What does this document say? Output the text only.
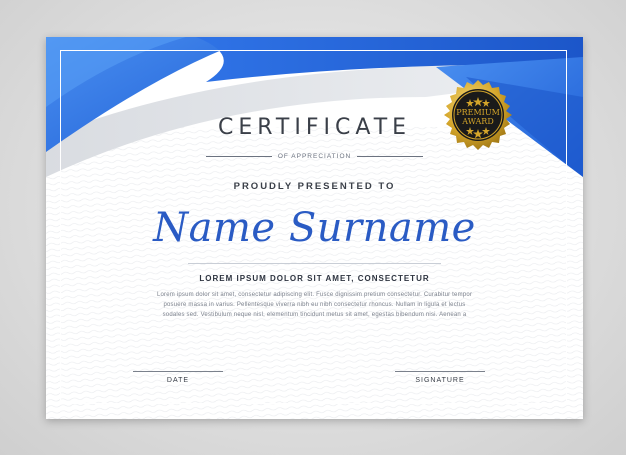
CERTIFICATE
OF APPRECIATION
PROUDLY PRESENTED TO
Name Surname
LOREM IPSUM DOLOR SIT AMET, CONSECTETUR
Lorem ipsum dolor sit amet, consectetur adipiscing elit. Fusce dignissim pretium consectetur. Curabitur tempor
posuere massa in varius. Pellentesque viverra nibh eu nibh consectetur rhoncus. Nullam in ligula et lectus
sodales sed. Vestibulum neque nisl, elementum tincidunt metus sit amet, egestas bibendum nisi. Aenean a
DATE	SIGNATURE
PREMIUM
AWARD
